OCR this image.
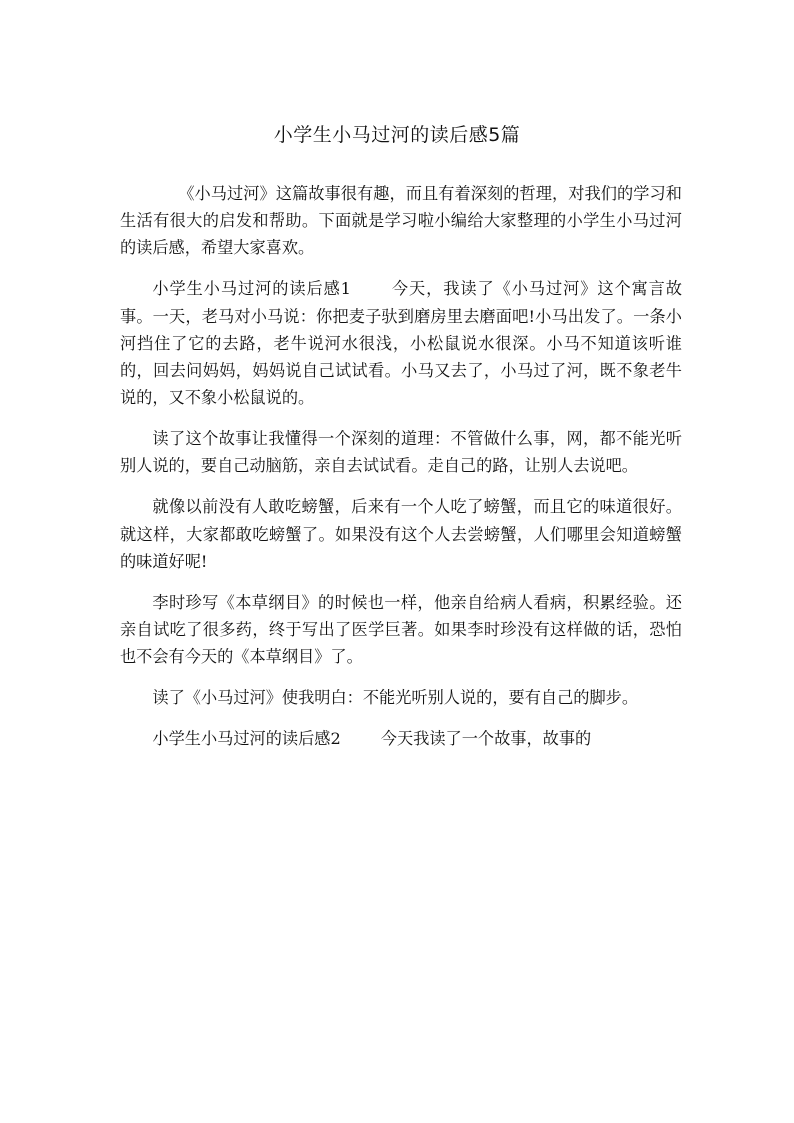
小学生小马过河的读后感5篇

《小马过河》这篇故事很有趣，而且有着深刻的哲理，对我们的学习和生活有很大的启发和帮助。下面就是学习啦小编给大家整理的小学生小马过河的读后感，希望大家喜欢。

小学生小马过河的读后感1 今天，我读了《小马过河》这个寓言故事。一天，老马对小马说：你把麦子驮到磨房里去磨面吧!小马出发了。一条小河挡住了它的去路，老牛说河水很浅，小松鼠说水很深。小马不知道该听谁的，回去问妈妈，妈妈说自己试试看。小马又去了，小马过了河，既不象老牛说的，又不象小松鼠说的。

读了这个故事让我懂得一个深刻的道理：不管做什么事，网，都不能光听别人说的，要自己动脑筋，亲自去试试看。走自己的路，让别人去说吧。

就像以前没有人敢吃螃蟹，后来有一个人吃了螃蟹，而且它的味道很好。就这样，大家都敢吃螃蟹了。如果没有这个人去尝螃蟹，人们哪里会知道螃蟹的味道好呢!

李时珍写《本草纲目》的时候也一样，他亲自给病人看病，积累经验。还亲自试吃了很多药，终于写出了医学巨著。如果李时珍没有这样做的话，恐怕也不会有今天的《本草纲目》了。

读了《小马过河》使我明白：不能光听别人说的，要有自己的脚步。

小学生小马过河的读后感2 今天我读了一个故事，故事的
